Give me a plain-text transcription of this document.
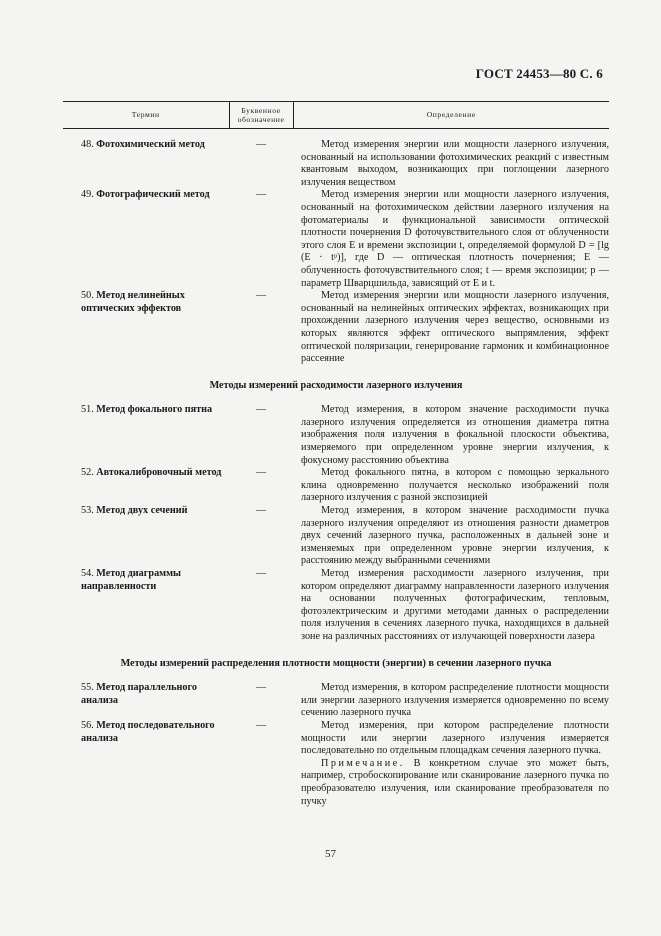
ГОСТ 24453—80 С. 6
Термин	Буквенное обозначение	Определение
48. Фотохимический метод	—	Метод измерения энергии или мощности лазерного излучения, основанный на использовании фотохимических реакций с известным квантовым выходом, возникающих при поглощении лазерного излучения веществом

49. Фотографический метод	—	Метод измерения энергии или мощности лазерного излучения, основанный на фотохимическом действии лазерного излучения на фотоматериалы и функциональной зависимости оптической плотности почернения D фоточувствительного слоя от облученности этого слоя E и времени экспозиции t, определяемой формулой D = [lg (E · tᵖ)], где D — оптическая плотность почернения; E — облученность фоточувствительного слоя; t — время экспозиции; p — параметр Шварцшильда, зависящий от E и t.

50. Метод нелинейных оптических эффектов	—	Метод измерения энергии или мощности лазерного излучения, основанный на нелинейных оптических эффектах, возникающих при прохождении лазерного излучения через вещество, основными из которых являются эффект оптического выпрямления, эффект оптической поляризации, генерирование гармоник и комбинационное рассеяние

Методы измерений расходимости лазерного излучения		
51. Метод фокального пятна	—	Метод измерения, в котором значение расходимости пучка лазерного излучения определяется из отношения диаметра пятна изображения поля излучения в фокальной плоскости объектива, измеряемого при определенном уровне энергии излучения, к фокусному расстоянию объектива

52. Автокалибровочный метод	—	Метод фокального пятна, в котором с помощью зеркального клина одновременно получается несколько изображений поля лазерного излучения с разной экспозицией

53. Метод двух сечений	—	Метод измерения, в котором значение расходимости пучка лазерного излучения определяют из отношения разности диаметров двух сечений лазерного пучка, расположенных в дальней зоне и изменяемых при определенном уровне энергии излучения, к расстоянию между выбранными сечениями

54. Метод диаграммы направленности	—	Метод измерения расходимости лазерного излучения, при котором определяют диаграмму направленности лазерного излучения на основании полученных фотографическим, тепловым, фотоэлектрическим и другими методами данных о распределении поля излучения в сечениях лазерного пучка, находящихся в дальней зоне на различных расстояниях от излучающей поверхности лазера

Методы измерений распределения плотности мощности (энергии) в сечении лазерного пучка		
55. Метод параллельного анализа	—	Метод измерения, в котором распределение плотности мощности или энергии лазерного излучения измеряется одновременно по всему сечению лазерного пучка

56. Метод последовательного анализа	—	Метод измерения, при котором распределение плотности мощности или энергии лазерного излучения измеряется последовательно по отдельным площадкам сечения лазерного пучка.
Примечание. В конкретном случае это может быть, например, стробоскопирование или сканирование лазерного пучка по преобразователю излучения, или сканирование преобразователя по пучку
57
